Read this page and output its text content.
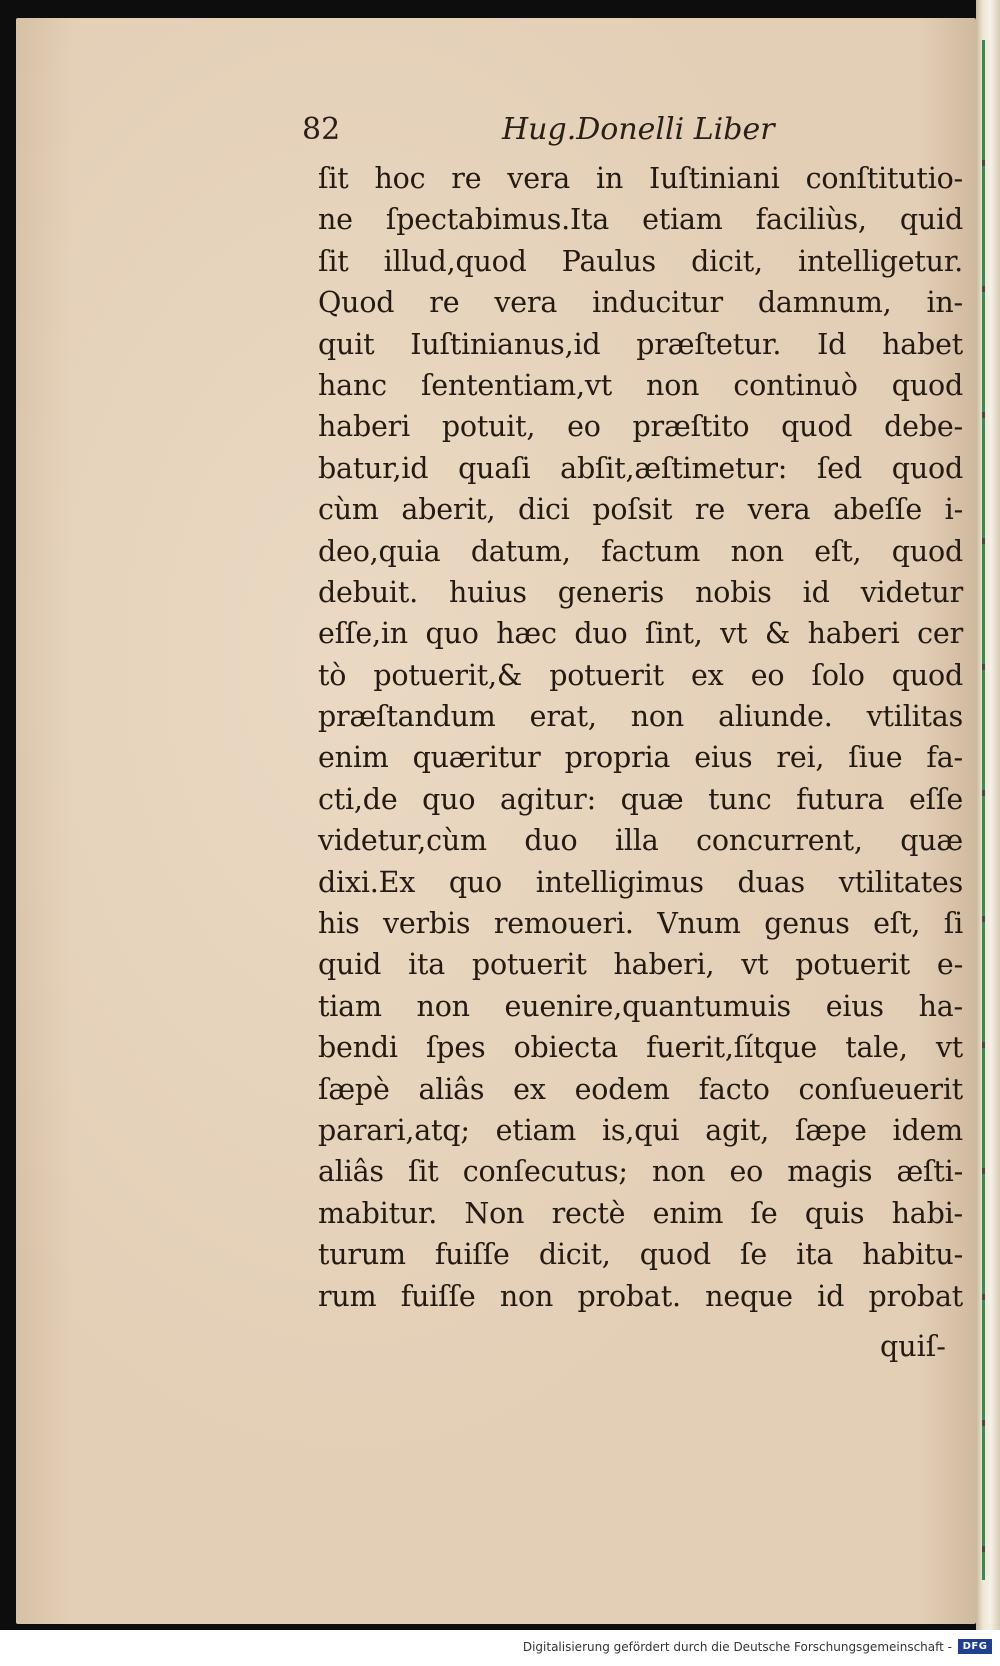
82	Hug.Donelli Liber
ſit hoc re vera in Iuſtiniani conſtitutio-
ne ſpectabimus.Ita etiam faciliùs, quid
ſit illud,quod Paulus dicit, intelligetur.
Quod re vera inducitur damnum, in-
quit Iuſtinianus,id præſtetur. Id habet
hanc ſententiam,vt non continuò quod
haberi potuit, eo præſtito quod debe-
batur,id quaſi abſit,æſtimetur: ſed quod
cùm aberit, dici poſsit re vera abeſſe i-
deo,quia datum, factum non eſt, quod
debuit. huius generis nobis id videtur
eſſe,in quo hæc duo ſint, vt & haberi cer
tò potuerit,& potuerit ex eo ſolo quod
præſtandum erat, non aliunde. vtilitas
enim quæritur propria eius rei, ſiue fa-
cti,de quo agitur: quæ tunc futura eſſe
videtur,cùm duo illa concurrent, quæ
dixi.Ex quo intelligimus duas vtilitates
his verbis remoueri. Vnum genus eſt, ſi
quid ita potuerit haberi, vt potuerit e-
tiam non euenire,quantumuis eius ha-
bendi ſpes obiecta fuerit,ſítque tale, vt
ſæpè aliâs ex eodem facto conſueuerit
parari,atq; etiam is,qui agit, ſæpe idem
aliâs ſit conſecutus; non eo magis æſti-
mabitur. Non rectè enim ſe quis habi-
turum fuiſſe dicit, quod ſe ita habitu-
rum fuiſſe non probat. neque id probat
quiſ-
Digitalisierung gefördert durch die Deutsche Forschungsgemeinschaft -	DFG
